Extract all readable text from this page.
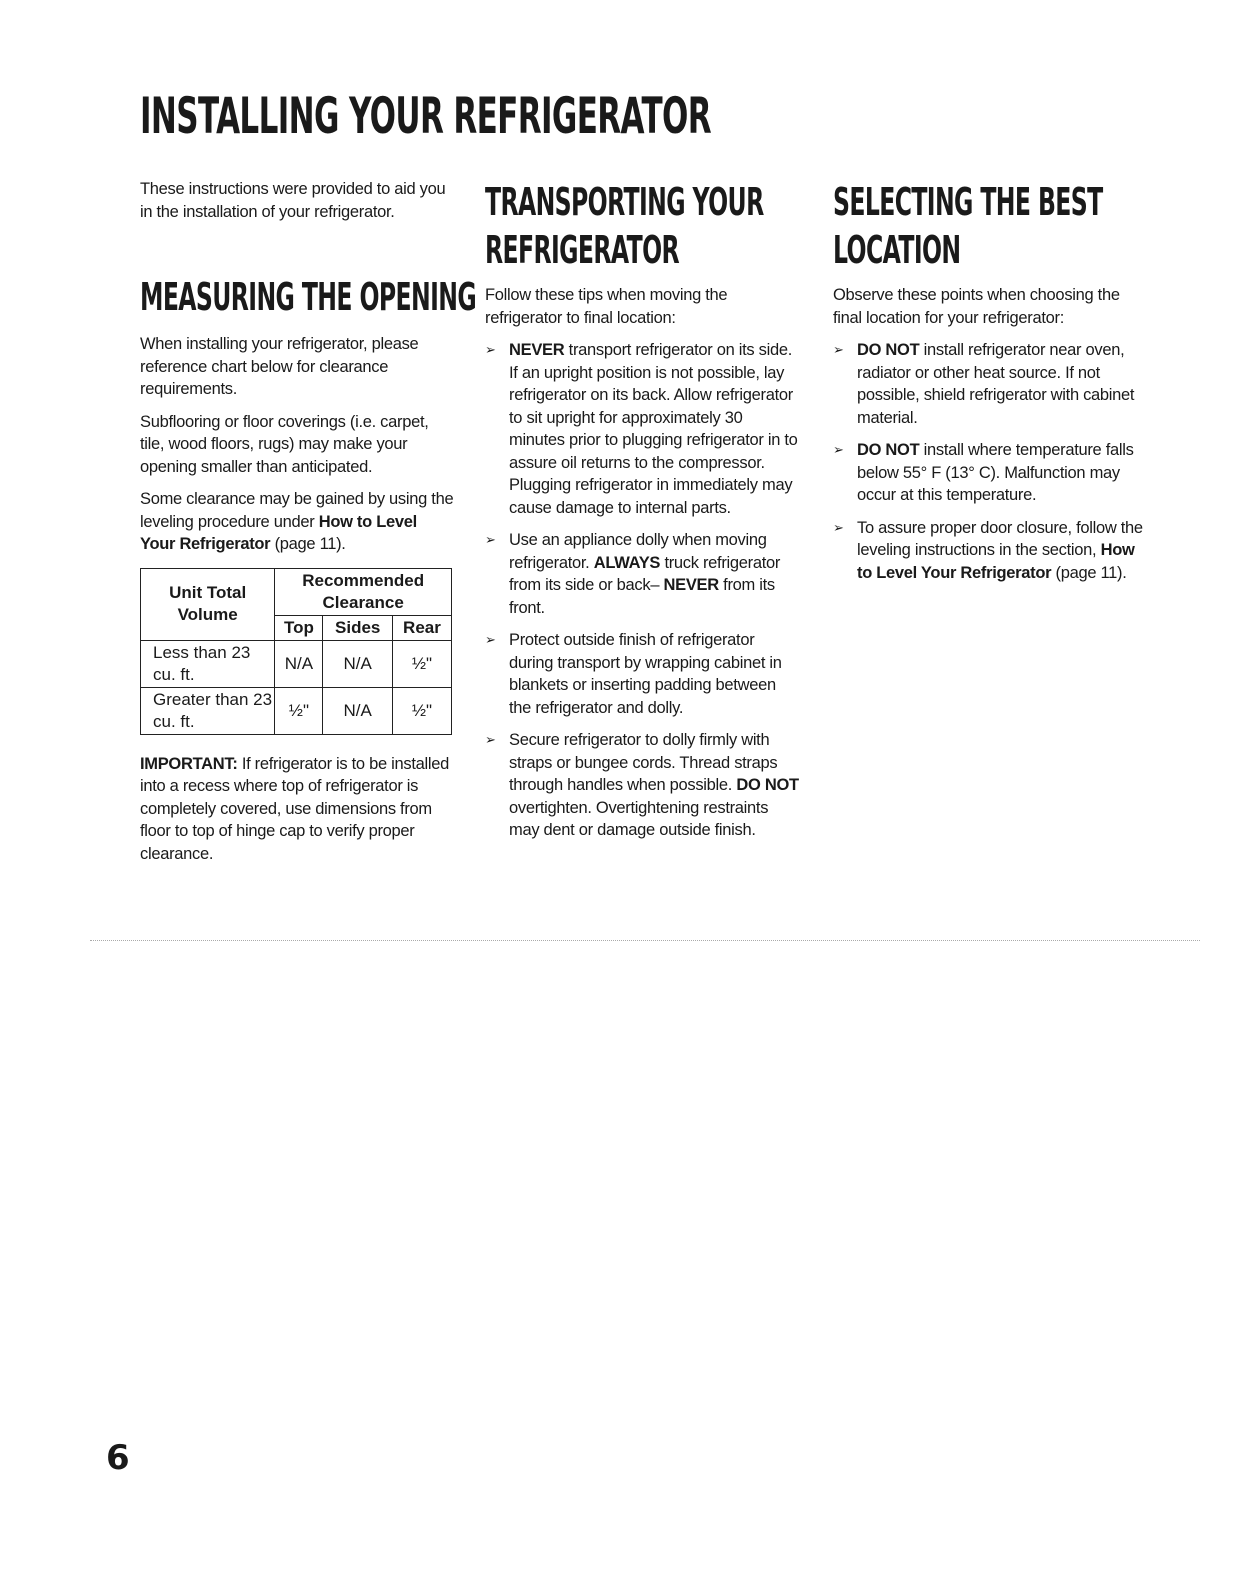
INSTALLING YOUR REFRIGERATOR

These instructions were provided to aid you in the installation of your refrigerator.

MEASURING THE OPENING

When installing your refrigerator, please reference chart below for clearance requirements.

Subflooring or floor coverings (i.e. carpet, tile, wood floors, rugs) may make your opening smaller than anticipated.

Some clearance may be gained by using the leveling procedure under How to Level Your Refrigerator (page 11).

Unit Total Volume	Recommended Clearance		
	Top	Sides	Rear
Less than 23 cu. ft.	N/A	N/A	½"
Greater than 23 cu. ft.	½"	N/A	½"

IMPORTANT: If refrigerator is to be installed into a recess where top of refrigerator is completely covered, use dimensions from floor to top of hinge cap to verify proper clearance.

TRANSPORTING YOUR
REFRIGERATOR

Follow these tips when moving the refrigerator to final location:

➢ NEVER transport refrigerator on its side. If an upright position is not possible, lay refrigerator on its back. Allow refrigerator to sit upright for approximately 30 minutes prior to plugging refrigerator in to assure oil returns to the compressor. Plugging refrigerator in immediately may cause damage to internal parts.
➢ Use an appliance dolly when moving refrigerator. ALWAYS truck refrigerator from its side or back– NEVER from its front.
➢ Protect outside finish of refrigerator during transport by wrapping cabinet in blankets or inserting padding between the refrigerator and dolly.
➢ Secure refrigerator to dolly firmly with straps or bungee cords. Thread straps through handles when possible. DO NOT overtighten. Overtightening restraints may dent or damage outside finish.
SELECTING THE BEST
LOCATION

Observe these points when choosing the final location for your refrigerator:

➢ DO NOT install refrigerator near oven, radiator or other heat source. If not possible, shield refrigerator with cabinet material.
➢ DO NOT install where temperature falls below 55° F (13° C). Malfunction may occur at this temperature.
➢ To assure proper door closure, follow the leveling instructions in the section, How to Level Your Refrigerator (page 11).
6
